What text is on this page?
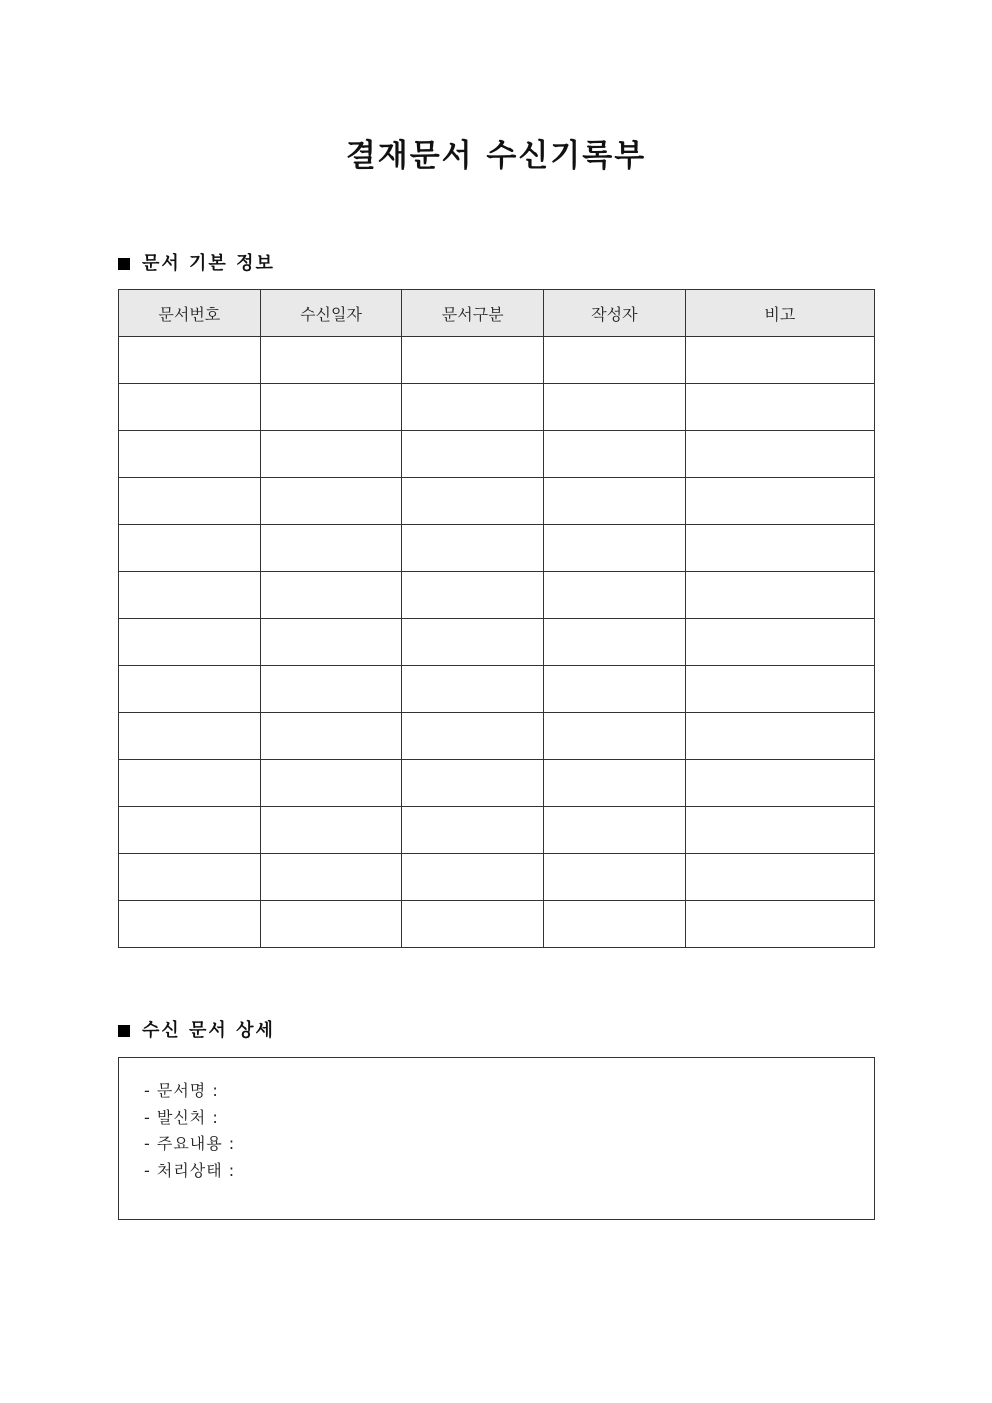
결재문서 수신기록부
문서 기본 정보
문서번호	수신일자	문서구분	작성자	비고

수신 문서 상세
- 문서명 :
- 발신처 :
- 주요내용 :
- 처리상태 :
